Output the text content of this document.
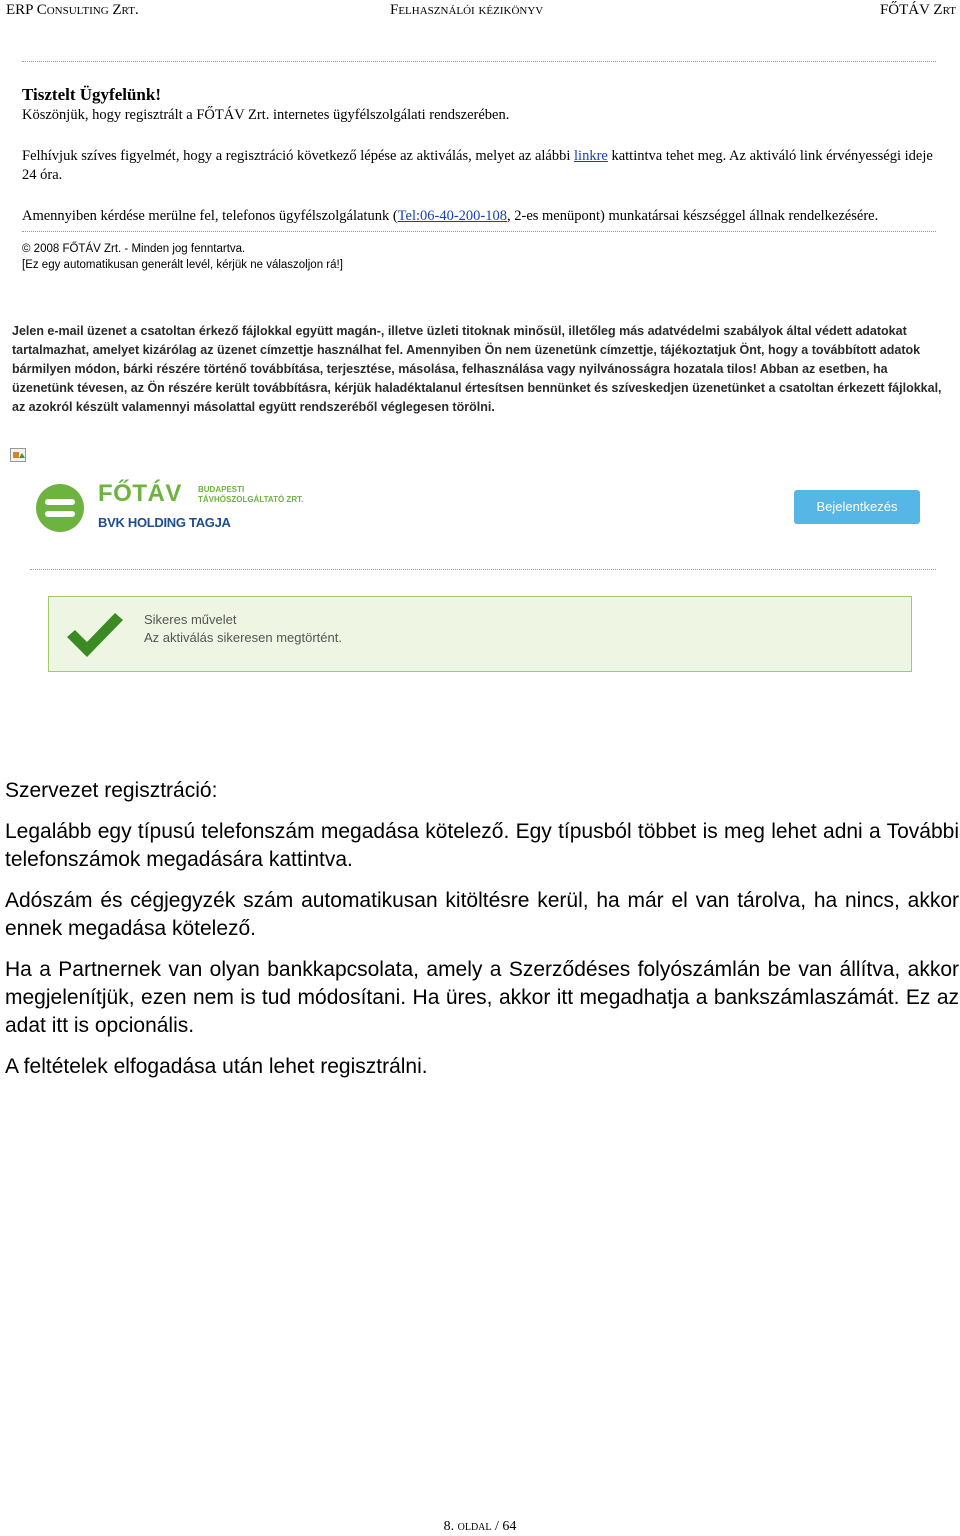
ERP Consulting Zrt.	Felhasználói kézikönyv	FŐTÁV Zrt

Tisztelt Ügyfelünk!

Köszönjük, hogy regisztrált a FŐTÁV Zrt. internetes ügyfélszolgálati rendszerében.

Felhívjuk szíves figyelmét, hogy a regisztráció következő lépése az aktiválás, melyet az alábbi linkre kattintva tehet meg. Az aktiváló link érvényességi ideje 24 óra.

Amennyiben kérdése merülne fel, telefonos ügyfélszolgálatunk (Tel:06-40-200-108, 2-es menüpont) munkatársai készséggel állnak rendelkezésére.

© 2008 FŐTÁV Zrt. - Minden jog fenntartva.

[Ez egy automatikusan generált levél, kérjük ne válaszoljon rá!]

Jelen e-mail üzenet a csatoltan érkező fájlokkal együtt magán-, illetve üzleti titoknak minősül, illetőleg más adatvédelmi szabályok által védett adatokat tartalmazhat, amelyet kizárólag az üzenet címzettje használhat fel. Amennyiben Ön nem üzenetünk címzettje, tájékoztatjuk Önt, hogy a továbbított adatok bármilyen módon, bárki részére történő továbbítása, terjesztése, másolása, felhasználása vagy nyilvánosságra hozatala tilos! Abban az esetben, ha üzenetünk tévesen, az Ön részére került továbbításra, kérjük haladéktalanul értesítsen bennünket és szíveskedjen üzenetünket a csatoltan érkezett fájlokkal, az azokról készült valamennyi másolattal együtt rendszeréből véglegesen törölni.
FŐTÁV BUDAPESTI
TÁVHŐSZOLGÁLTATÓ ZRT.
BVK HOLDING TAGJA
Bejelentkezés
Sikeres művelet
Az aktiválás sikeresen megtörtént.

Szervezet regisztráció:

Legalább egy típusú telefonszám megadása kötelező. Egy típusból többet is meg lehet adni a További telefonszámok megadására kattintva.

Adószám és cégjegyzék szám automatikusan kitöltésre kerül, ha már el van tárolva, ha nincs, akkor ennek megadása kötelező.

Ha a Partnernek van olyan bankkapcsolata, amely a Szerződéses folyószámlán be van állítva, akkor megjelenítjük, ezen nem is tud módosítani. Ha üres, akkor itt megadhatja a bankszámlaszámát. Ez az adat itt is opcionális.

A feltételek elfogadása után lehet regisztrálni.

8. oldal / 64
